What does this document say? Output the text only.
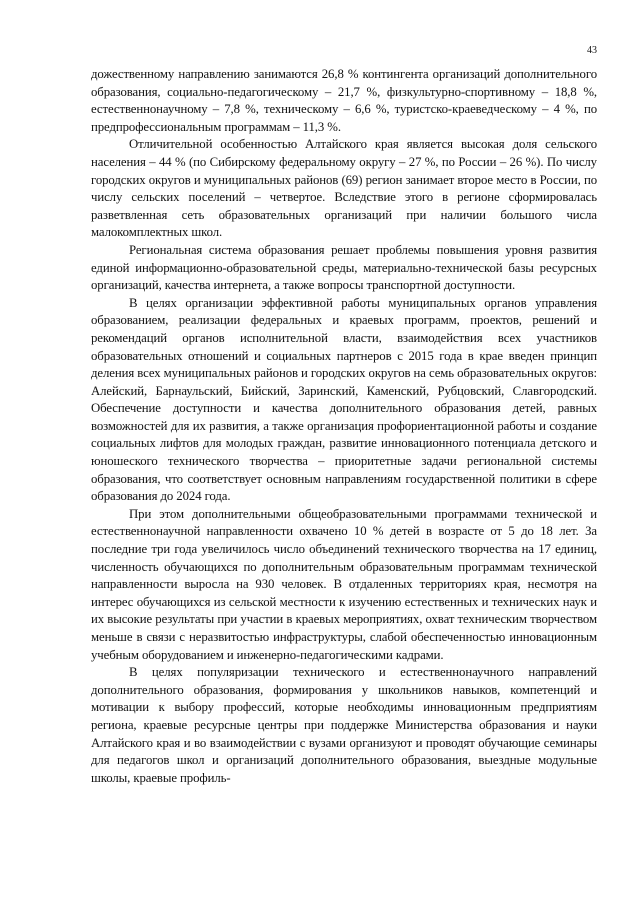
43

дожественному направлению занимаются 26,8 % контингента организаций дополнительного образования, социально-педагогическому – 21,7 %, физкультурно-спортивному – 18,8 %, естественнонаучному – 7,8 %, техническому – 6,6 %, туристско-краеведческому – 4 %, по предпрофессиональным программам – 11,3 %.

Отличительной особенностью Алтайского края является высокая доля сельского населения – 44 % (по Сибирскому федеральному округу – 27 %, по России – 26 %). По числу городских округов и муниципальных районов (69) регион занимает второе место в России, по числу сельских поселений – четвертое. Вследствие этого в регионе сформировалась разветвленная сеть образовательных организаций при наличии большого числа малокомплектных школ.

Региональная система образования решает проблемы повышения уровня развития единой информационно-образовательной среды, материально-технической базы ресурсных организаций, качества интернета, а также вопросы транспортной доступности.

В целях организации эффективной работы муниципальных органов управления образованием, реализации федеральных и краевых программ, проектов, решений и рекомендаций органов исполнительной власти, взаимодействия всех участников образовательных отношений и социальных партнеров с 2015 года в крае введен принцип деления всех муниципальных районов и городских округов на семь образовательных округов: Алейский, Барнаульский, Бийский, Заринский, Каменский, Рубцовский, Славгородский. Обеспечение доступности и качества дополнительного образования детей, равных возможностей для их развития, а также организация профориентационной работы и создание социальных лифтов для молодых граждан, развитие инновационного потенциала детского и юношеского технического творчества – приоритетные задачи региональной системы образования, что соответствует основным направлениям государственной политики в сфере образования до 2024 года.

При этом дополнительными общеобразовательными программами технической и естественнонаучной направленности охвачено 10 % детей в возрасте от 5 до 18 лет. За последние три года увеличилось число объединений технического творчества на 17 единиц, численность обучающихся по дополнительным образовательным программам технической направленности выросла на 930 человек. В отдаленных территориях края, несмотря на интерес обучающихся из сельской местности к изучению естественных и технических наук и их высокие результаты при участии в краевых мероприятиях, охват техническим творчеством меньше в связи с неразвитостью инфраструктуры, слабой обеспеченностью инновационным учебным оборудованием и инженерно-педагогическими кадрами.

В целях популяризации технического и естественнонаучного направлений дополнительного образования, формирования у школьников навыков, компетенций и мотивации к выбору профессий, которые необходимы инновационным предприятиям региона, краевые ресурсные центры при поддержке Министерства образования и науки Алтайского края и во взаимодействии с вузами организуют и проводят обучающие семинары для педагогов школ и организаций дополнительного образования, выездные модульные школы, краевые профиль-
